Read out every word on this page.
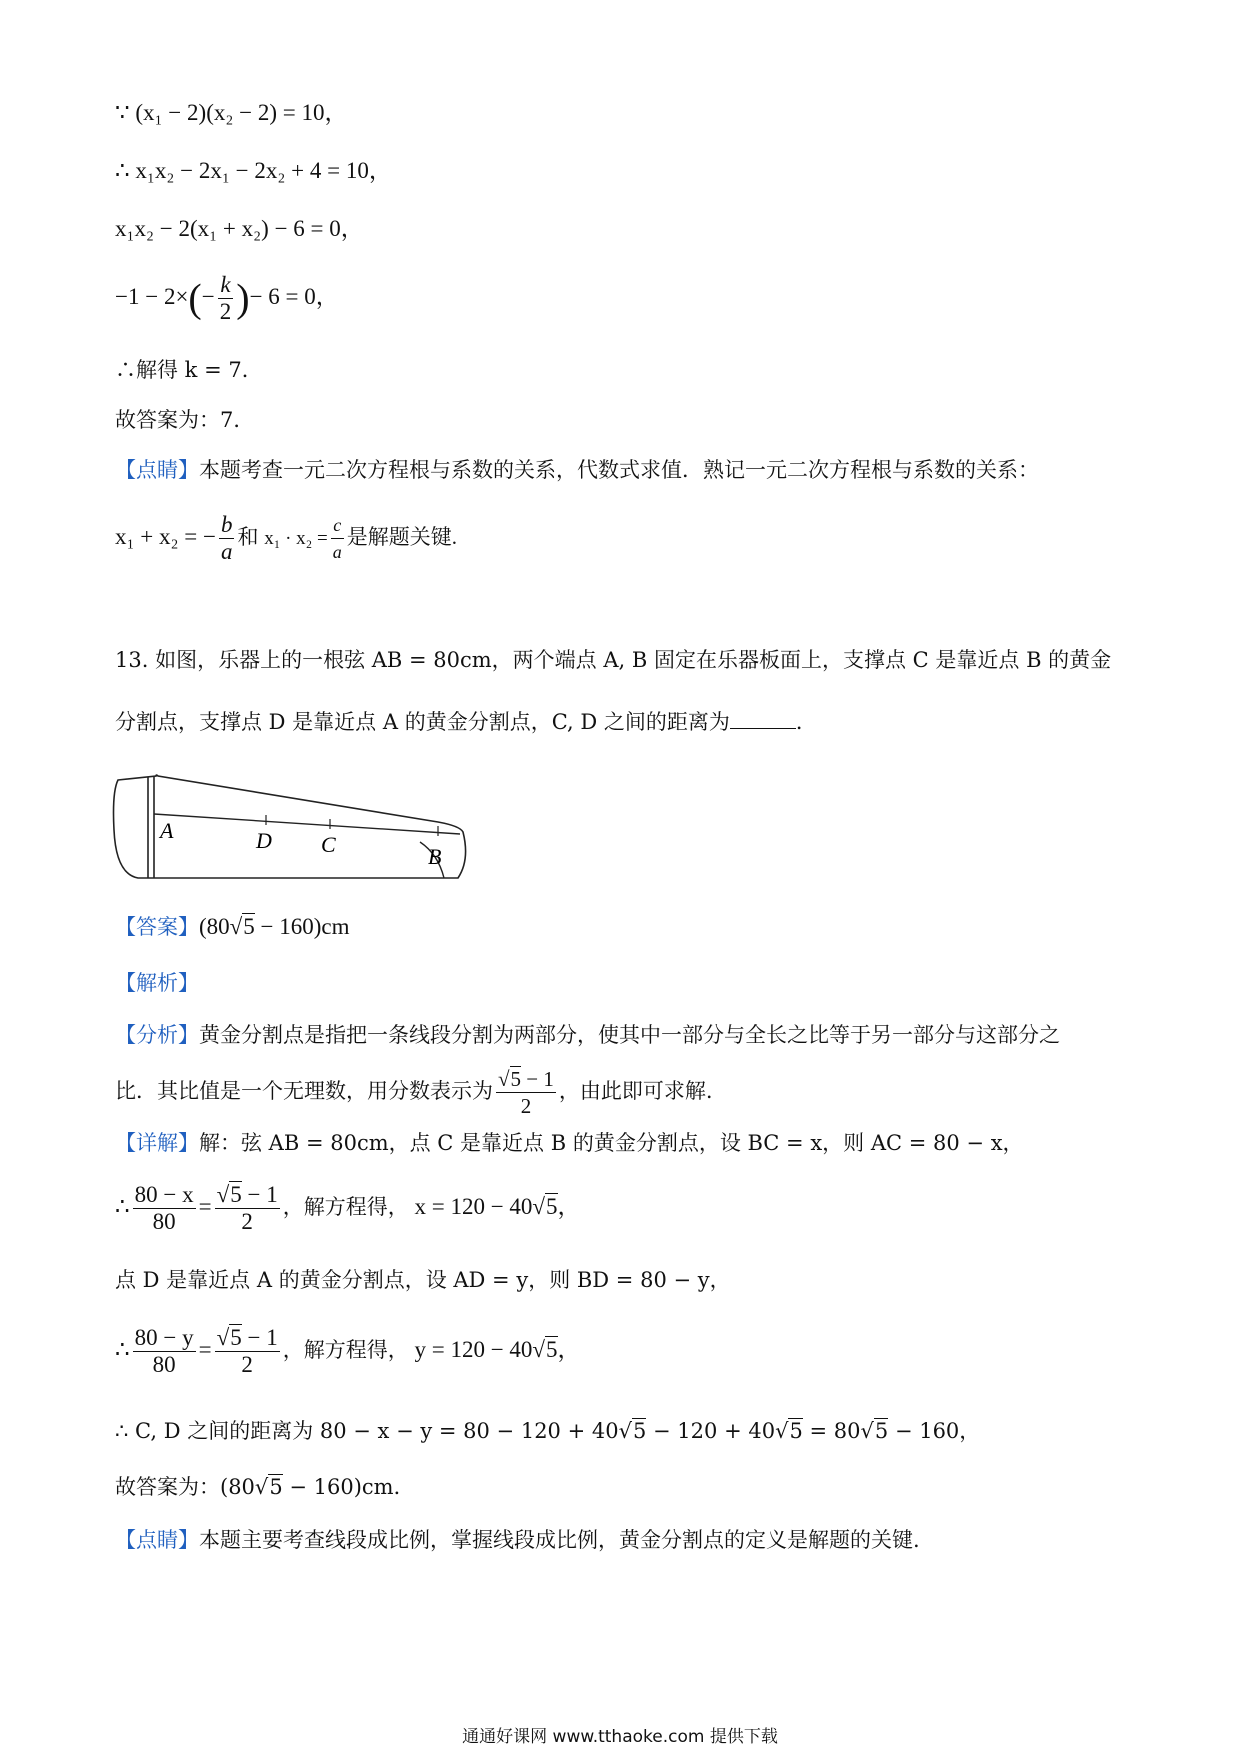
∵ (x₁ − 2)(x₂ − 2) = 10，
∴ x₁x₂ − 2x₁ − 2x₂ + 4 = 10，
x₁x₂ − 2(x₁ + x₂) − 6 = 0，
$-1 - 2\times(- \frac{k}{2}$ )− 6 = 0，
∴解得 k = 7．
故答案为：7．
【点睛】本题考查一元二次方程根与系数的关系，代数式求值．熟记一元二次方程根与系数的关系：
x₁ + x₂ = − $\frac{b}{a}$ 和 $x_1 \cdot x_2 = \frac{c}{a}$ 是解题关键.
13. 如图，乐器上的一根弦 AB = 80cm，两个端点 A, B 固定在乐器板面上，支撑点 C 是靠近点 B 的黄金
分割点，支撑点 D 是靠近点 A 的黄金分割点，C, D 之间的距离为	．
A	D C	B
【答案】(80√5 − 160)cm
【解析】
【分析】黄金分割点是指把一条线段分割为两部分，使其中一部分与全长之比等于另一部分与这部分之
比．其比值是一个无理数，用分数表示为 $\frac{√5 - 1}{2}$ ，由此即可求解.
【详解】解：弦 AB = 80cm，点 C 是靠近点 B 的黄金分割点，设 BC = x，则 AC = 80 − x，
∴ $\frac{80 - x}{80} = \frac{√5 - 1}{2}$ ，解方程得， x = 120 − 40√5，
点 D 是靠近点 A 的黄金分割点，设 AD = y，则 BD = 80 − y，
∴ $\frac{80 - y}{80} = \frac{√5 - 1}{2}$ ，解方程得， y = 120 − 40√5，
∴ C, D 之间的距离为 80 − x − y = 80 − 120 + 40√5 − 120 + 40√5 = 80√5 − 160，
故答案为：(80√5 − 160)cm．
【点睛】本题主要考查线段成比例，掌握线段成比例，黄金分割点的定义是解题的关键.
通通好课网 www.tthaoke.com 提供下载
